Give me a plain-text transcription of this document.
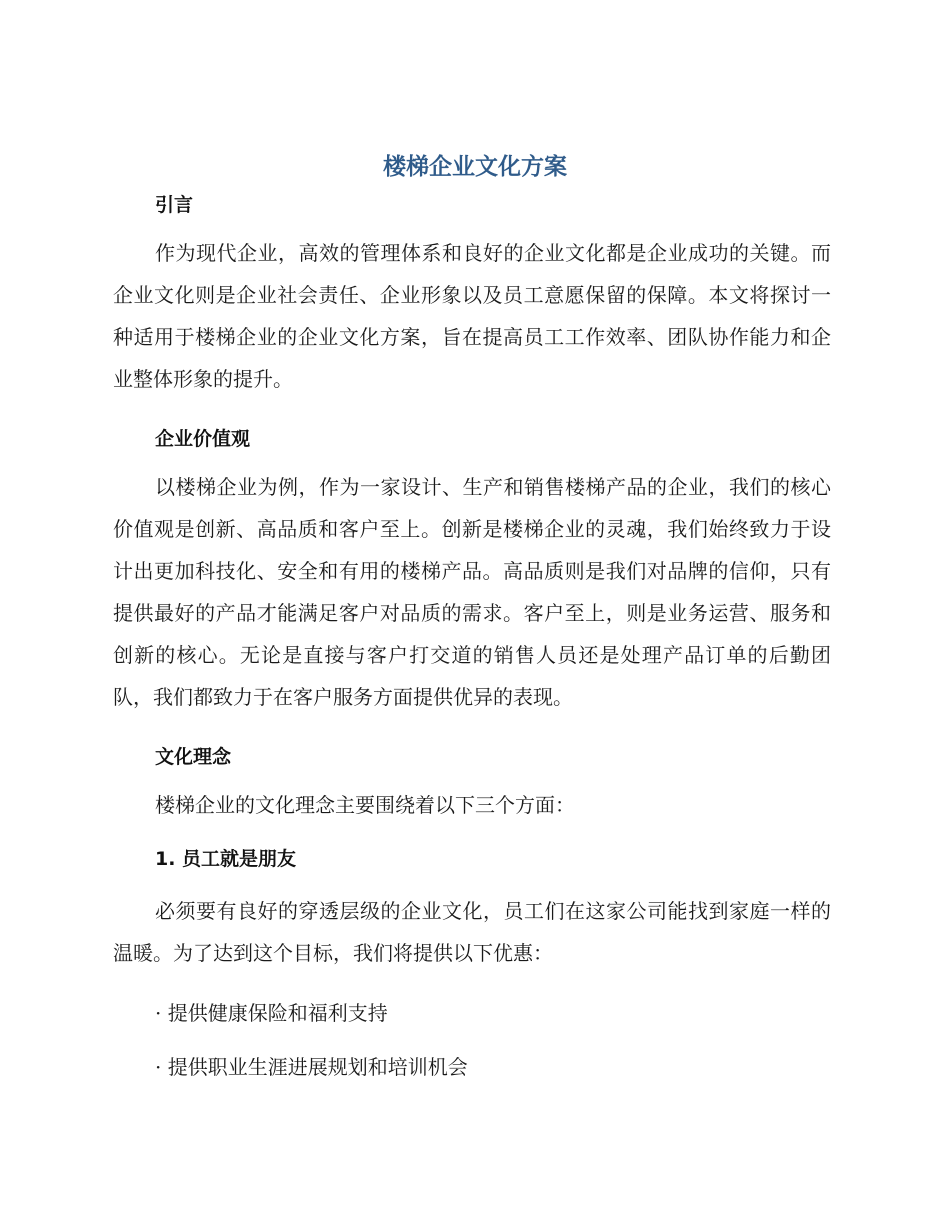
楼梯企业文化方案
引言

作为现代企业，高效的管理体系和良好的企业文化都是企业成功的关键。而企业文化则是企业社会责任、企业形象以及员工意愿保留的保障。本文将探讨一种适用于楼梯企业的企业文化方案，旨在提高员工工作效率、团队协作能力和企业整体形象的提升。

企业价值观

以楼梯企业为例，作为一家设计、生产和销售楼梯产品的企业，我们的核心价值观是创新、高品质和客户至上。创新是楼梯企业的灵魂，我们始终致力于设计出更加科技化、安全和有用的楼梯产品。高品质则是我们对品牌的信仰，只有提供最好的产品才能满足客户对品质的需求。客户至上，则是业务运营、服务和创新的核心。无论是直接与客户打交道的销售人员还是处理产品订单的后勤团队，我们都致力于在客户服务方面提供优异的表现。

文化理念

楼梯企业的文化理念主要围绕着以下三个方面：

1. 员工就是朋友

必须要有良好的穿透层级的企业文化，员工们在这家公司能找到家庭一样的温暖。为了达到这个目标，我们将提供以下优惠：

· 提供健康保险和福利支持

· 提供职业生涯进展规划和培训机会
